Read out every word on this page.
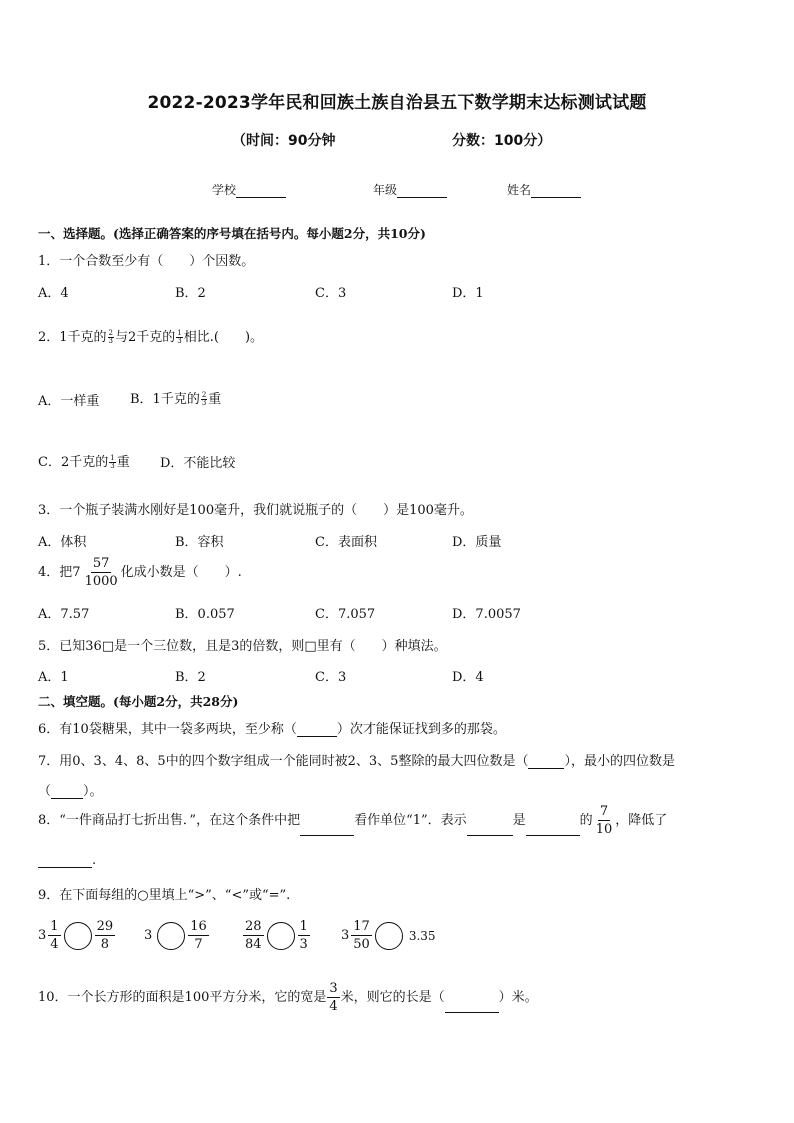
2022-2023学年民和回族土族自治县五下数学期末达标测试试题
（时间：90分钟	分数：100分）
学校	年级	姓名
一、选择题。(选择正确答案的序号填在括号内。每小题2分，共10分)
1．一个合数至少有（　　）个因数。
A．4	B．2	C．3	D．1
2．1千克的 $\frac{2}{3}$ 与2千克的 $\frac{1}{3}$ 相比.(　　)。
A．一样重 B．1千克的 $\frac{2}{3}$ 重
C．2千克的 $\frac{1}{3}$ 重 D．不能比较
3．一个瓶子装满水刚好是100毫升，我们就说瓶子的（　　）是100毫升。
A．体积	B．容积	C．表面积	D．质量
4．把$7 \frac{57}{1000}$ 化成小数是（　　）.
A．7.57	B．0.057	C．7.057	D．7.0057
5．已知36□是一个三位数，且是3的倍数，则□里有（　　）种填法。
A．1	B．2	C．3	D．4
二、填空题。(每小题2分，共28分)
6．有10袋糖果，其中一袋多两块，至少称（	）次才能保证找到多的那袋。
7．用0、3、4、8、5中的四个数字组成一个能同时被2、3、5整除的最大四位数是（	），最小的四位数是
（ ）。
8．“一件商品打七折出售．”，在这个条件中把	看作单位“1”．表示	是	的 $\frac{7}{10}$ ，降低了
.
9．在下面每组的○里填上“>”、“<”或“=”.
$3 \frac{1}{4}$	$\frac{29}{8} 3$	$\frac{16}{7}$	$\frac{28}{84}$	$\frac{1}{3} 3 \frac{17}{50}$	3.35
10．一个长方形的面积是100平方分米，它的宽是 $\frac{3}{4}$ 米，则它的长是（	）米。
